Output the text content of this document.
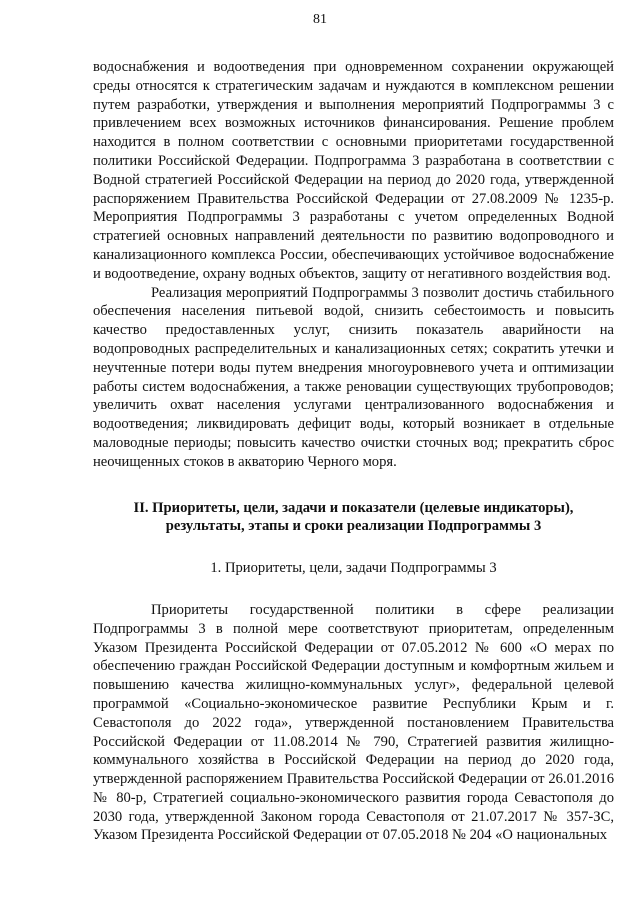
81

водоснабжения и водоотведения при одновременном сохранении окружающей среды относятся к стратегическим задачам и нуждаются в комплексном решении путем разработки, утверждения и выполнения мероприятий Подпрограммы 3 с привлечением всех возможных источников финансирования. Решение проблем находится в полном соответствии с основными приоритетами государственной политики Российской Федерации. Подпрограмма 3 разработана в соответствии с Водной стратегией Российской Федерации на период до 2020 года, утвержденной распоряжением Правительства Российской Федерации от 27.08.2009 № 1235-р. Мероприятия Подпрограммы 3 разработаны с учетом определенных Водной стратегией основных направлений деятельности по развитию водопроводного и канализационного комплекса России, обеспечивающих устойчивое водоснабжение и водоотведение, охрану водных объектов, защиту от негативного воздействия вод.

Реализация мероприятий Подпрограммы 3 позволит достичь стабильного обеспечения населения питьевой водой, снизить себестоимость и повысить качество предоставленных услуг, снизить показатель аварийности на водопроводных распределительных и канализационных сетях; сократить утечки и неучтенные потери воды путем внедрения многоуровневого учета и оптимизации работы систем водоснабжения, а также реновации существующих трубопроводов; увеличить охват населения услугами централизованного водоснабжения и водоотведения; ликвидировать дефицит воды, который возникает в отдельные маловодные периоды; повысить качество очистки сточных вод; прекратить сброс неочищенных стоков в акваторию Черного моря.

II. Приоритеты, цели, задачи и показатели (целевые индикаторы),
результаты, этапы и сроки реализации Подпрограммы 3
1. Приоритеты, цели, задачи Подпрограммы 3

Приоритеты государственной политики в сфере реализации Подпрограммы 3 в полной мере соответствуют приоритетам, определенным Указом Президента Российской Федерации от 07.05.2012 № 600 «О мерах по обеспечению граждан Российской Федерации доступным и комфортным жильем и повышению качества жилищно-коммунальных услуг», федеральной целевой программой «Социально-экономическое развитие Республики Крым и г. Севастополя до 2022 года», утвержденной постановлением Правительства Российской Федерации от 11.08.2014 № 790, Стратегией развития жилищно-коммунального хозяйства в Российской Федерации на период до 2020 года, утвержденной распоряжением Правительства Российской Федерации от 26.01.2016 № 80-р, Стратегией социально-экономического развития города Севастополя до 2030 года, утвержденной Законом города Севастополя от 21.07.2017 № 357-ЗС, Указом Президента Российской Федерации от 07.05.2018 № 204 «О национальных
